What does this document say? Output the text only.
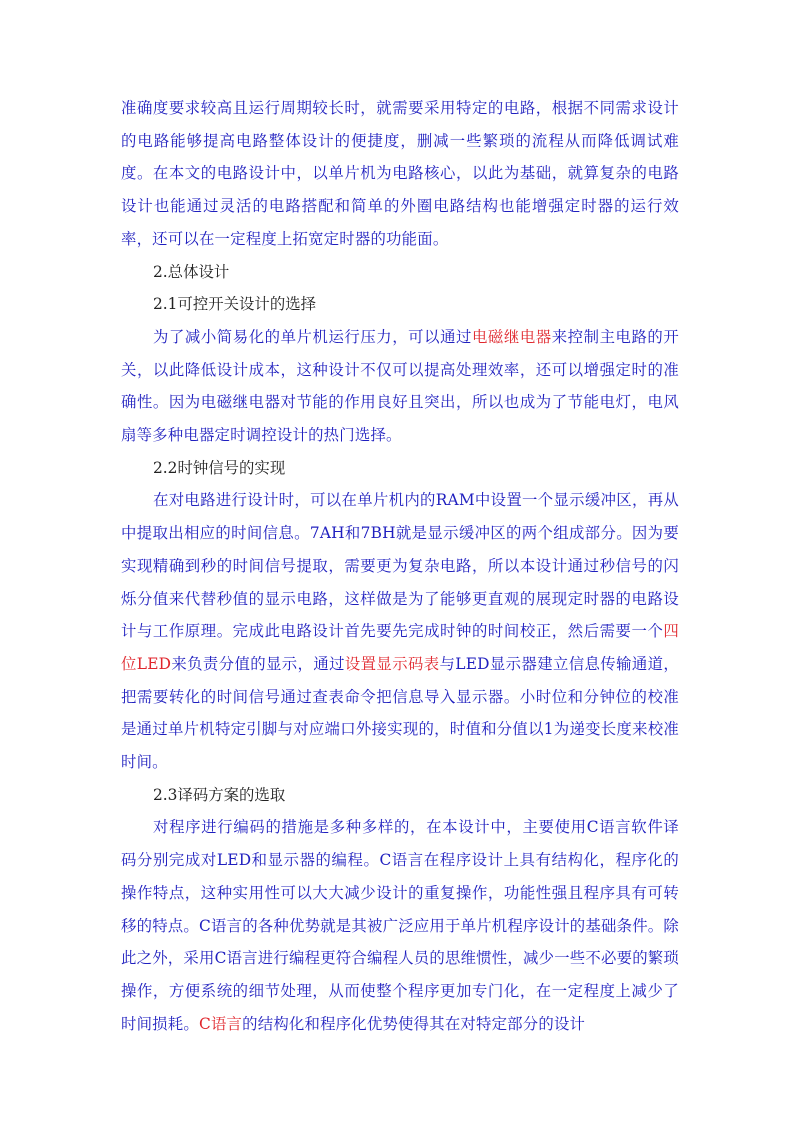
准确度要求较高且运行周期较长时，就需要采用特定的电路，根据不同需求设计的电路能够提高电路整体设计的便捷度，删减一些繁琐的流程从而降低调试难度。在本文的电路设计中，以单片机为电路核心，以此为基础，就算复杂的电路设计也能通过灵活的电路搭配和简单的外圈电路结构也能增强定时器的运行效率，还可以在一定程度上拓宽定时器的功能面。

2.总体设计

2.1可控开关设计的选择

为了减小简易化的单片机运行压力，可以通过电磁继电器来控制主电路的开关，以此降低设计成本，这种设计不仅可以提高处理效率，还可以增强定时的准确性。因为电磁继电器对节能的作用良好且突出，所以也成为了节能电灯，电风扇等多种电器定时调控设计的热门选择。

2.2时钟信号的实现

在对电路进行设计时，可以在单片机内的RAM中设置一个显示缓冲区，再从中提取出相应的时间信息。7AH和7BH就是显示缓冲区的两个组成部分。因为要实现精确到秒的时间信号提取，需要更为复杂电路，所以本设计通过秒信号的闪烁分值来代替秒值的显示电路，这样做是为了能够更直观的展现定时器的电路设计与工作原理。完成此电路设计首先要先完成时钟的时间校正，然后需要一个四位LED来负责分值的显示，通过设置显示码表与LED显示器建立信息传输通道，把需要转化的时间信号通过查表命令把信息导入显示器。小时位和分钟位的校准是通过单片机特定引脚与对应端口外接实现的，时值和分值以1为递变长度来校准时间。

2.3译码方案的选取

对程序进行编码的措施是多种多样的，在本设计中，主要使用C语言软件译码分别完成对LED和显示器的编程。C语言在程序设计上具有结构化，程序化的操作特点，这种实用性可以大大减少设计的重复操作，功能性强且程序具有可转移的特点。C语言的各种优势就是其被广泛应用于单片机程序设计的基础条件。除此之外，采用C语言进行编程更符合编程人员的思维惯性，减少一些不必要的繁琐操作，方便系统的细节处理，从而使整个程序更加专门化，在一定程度上减少了时间损耗。C语言的结构化和程序化优势使得其在对特定部分的设计
